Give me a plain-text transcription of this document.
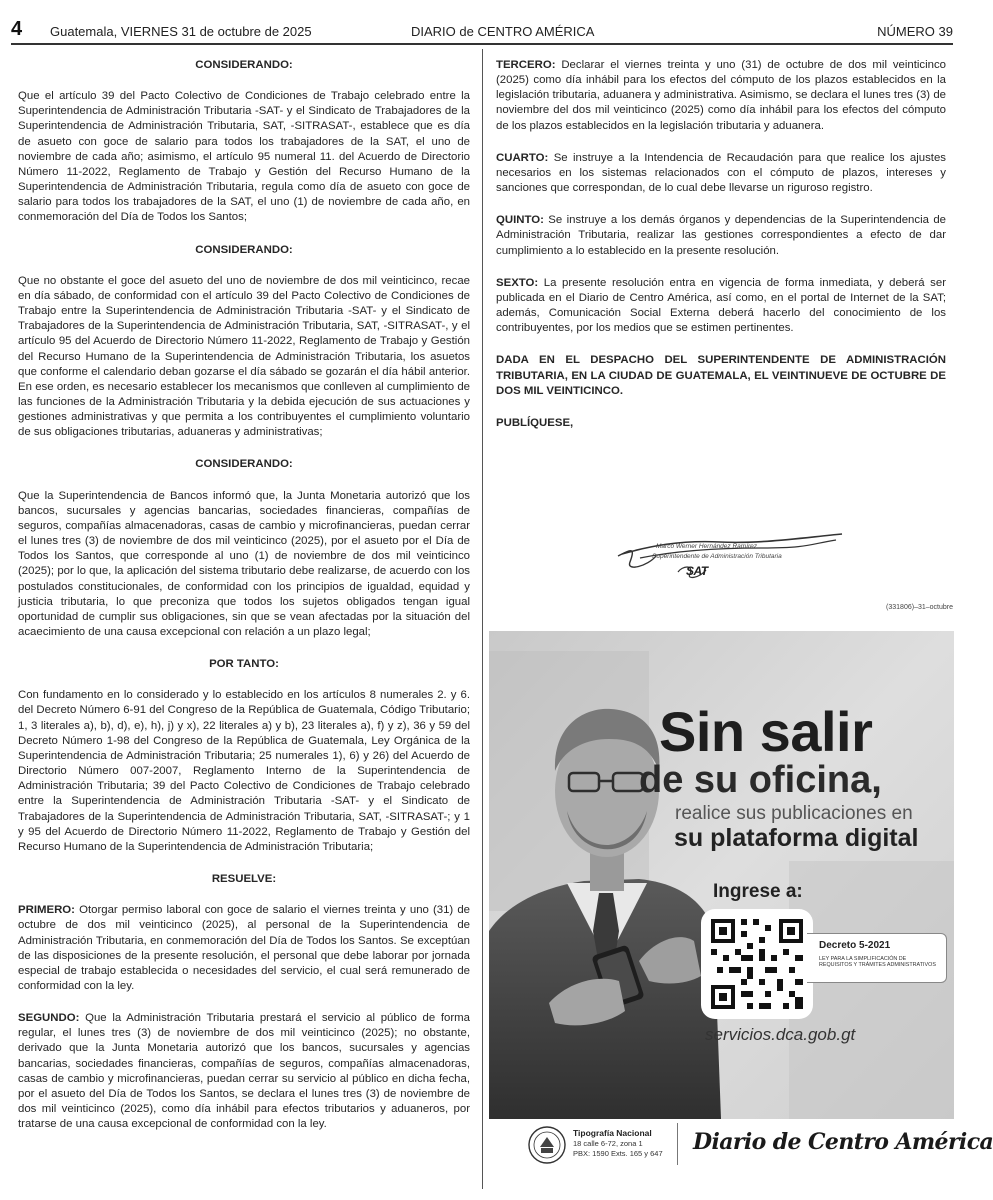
4 Guatemala, VIERNES 31 de octubre de 2025	DIARIO de CENTRO AMÉRICA	NÚMERO 39
CONSIDERANDO:
Que el artículo 39 del Pacto Colectivo de Condiciones de Trabajo celebrado entre la Superintendencia de Administración Tributaria -SAT- y el Sindicato de Trabajadores de la Superintendencia de Administración Tributaria, SAT, -SITRASAT-, establece que es día de asueto con goce de salario para todos los trabajadores de la SAT, el uno de noviembre de cada año; asimismo, el artículo 95 numeral 11. del Acuerdo de Directorio Número 11-2022, Reglamento de Trabajo y Gestión del Recurso Humano de la Superintendencia de Administración Tributaria, regula como día de asueto con goce de salario para todos los trabajadores de la SAT, el uno (1) de noviembre de cada año, en conmemoración del Día de Todos los Santos;
CONSIDERANDO:
Que no obstante el goce del asueto del uno de noviembre de dos mil veinticinco, recae en día sábado, de conformidad con el artículo 39 del Pacto Colectivo de Condiciones de Trabajo entre la Superintendencia de Administración Tributaria -SAT- y el Sindicato de Trabajadores de la Superintendencia de Administración Tributaria, SAT, -SITRASAT-, y el artículo 95 del Acuerdo de Directorio Número 11-2022, Reglamento de Trabajo y Gestión del Recurso Humano de la Superintendencia de Administración Tributaria, los asuetos que conforme el calendario deban gozarse el día sábado se gozarán el día hábil anterior. En ese orden, es necesario establecer los mecanismos que conlleven al cumplimiento de las funciones de la Administración Tributaria y la debida ejecución de sus actuaciones y gestiones administrativas y que permita a los contribuyentes el cumplimiento voluntario de sus obligaciones tributarias, aduaneras y administrativas;
CONSIDERANDO:
Que la Superintendencia de Bancos informó que, la Junta Monetaria autorizó que los bancos, sucursales y agencias bancarias, sociedades financieras, compañías de seguros, compañías almacenadoras, casas de cambio y microfinancieras, puedan cerrar el lunes tres (3) de noviembre de dos mil veinticinco (2025), por el asueto por el Día de Todos los Santos, que corresponde al uno (1) de noviembre de dos mil veinticinco (2025); por lo que, la aplicación del sistema tributario debe realizarse, de acuerdo con los postulados constitucionales, de conformidad con los principios de igualdad, equidad y justicia tributaria, lo que preconiza que todos los sujetos obligados tengan igual oportunidad de cumplir sus obligaciones, sin que se vean afectadas por la situación del acaecimiento de una causa excepcional con relación a un plazo legal;
POR TANTO:
Con fundamento en lo considerado y lo establecido en los artículos 8 numerales 2. y 6. del Decreto Número 6-91 del Congreso de la República de Guatemala, Código Tributario; 1, 3 literales a), b), d), e), h), j) y x), 22 literales a) y b), 23 literales a), f) y z), 36 y 59 del Decreto Número 1-98 del Congreso de la República de Guatemala, Ley Orgánica de la Superintendencia de Administración Tributaria; 25 numerales 1), 6) y 26) del Acuerdo de Directorio Número 007-2007, Reglamento Interno de la Superintendencia de Administración Tributaria; 39 del Pacto Colectivo de Condiciones de Trabajo celebrado entre la Superintendencia de Administración Tributaria -SAT- y el Sindicato de Trabajadores de la Superintendencia de Administración Tributaria, SAT, -SITRASAT-; y 1 y 95 del Acuerdo de Directorio Número 11-2022, Reglamento de Trabajo y Gestión del Recurso Humano de la Superintendencia de Administración Tributaria;
RESUELVE:
PRIMERO: Otorgar permiso laboral con goce de salario el viernes treinta y uno (31) de octubre de dos mil veinticinco (2025), al personal de la Superintendencia de Administración Tributaria, en conmemoración del Día de Todos los Santos. Se exceptúan de las disposiciones de la presente resolución, el personal que debe laborar por jornada especial de trabajo establecida o necesidades del servicio, el cual será remunerado de conformidad con la ley.
SEGUNDO: Que la Administración Tributaria prestará el servicio al público de forma regular, el lunes tres (3) de noviembre de dos mil veinticinco (2025); no obstante, derivado que la Junta Monetaria autorizó que los bancos, sucursales y agencias bancarias, sociedades financieras, compañías de seguros, compañías almacenadoras, casas de cambio y microfinancieras, puedan cerrar su servicio al público en dicha fecha, por el asueto del Día de Todos los Santos, se declara el lunes tres (3) de noviembre de dos mil veinticinco (2025), como día inhábil para efectos tributarios y aduaneros, por tratarse de una causa excepcional de conformidad con la ley.
TERCERO: Declarar el viernes treinta y uno (31) de octubre de dos mil veinticinco (2025) como día inhábil para los efectos del cómputo de los plazos establecidos en la legislación tributaria, aduanera y administrativa. Asimismo, se declara el lunes tres (3) de noviembre del dos mil veinticinco (2025) como día inhábil para los efectos del cómputo de los plazos establecidos en la legislación tributaria y aduanera.
CUARTO: Se instruye a la Intendencia de Recaudación para que realice los ajustes necesarios en los sistemas relacionados con el cómputo de plazos, intereses y sanciones que correspondan, de lo cual debe llevarse un riguroso registro.
QUINTO: Se instruye a los demás órganos y dependencias de la Superintendencia de Administración Tributaria, realizar las gestiones correspondientes a efecto de dar cumplimiento a lo establecido en la presente resolución.
SEXTO: La presente resolución entra en vigencia de forma inmediata, y deberá ser publicada en el Diario de Centro América, así como, en el portal de Internet de la SAT; además, Comunicación Social Externa deberá hacerlo del conocimiento de los contribuyentes, por los medios que se estimen pertinentes.
DADA EN EL DESPACHO DEL SUPERINTENDENTE DE ADMINISTRACIÓN TRIBUTARIA, EN LA CIUDAD DE GUATEMALA, EL VEINTINUEVE DE OCTUBRE DE DOS MIL VEINTICINCO.
PUBLÍQUESE,
Marco Werner Hernández Ramírez
Superintendente de Administración Tributaria
SAT
(331806)–31–octubre
Sin salir
de su oficina,
realice sus publicaciones en
su plataforma digital
Ingrese a:
Decreto 5-2021
LEY PARA LA SIMPLIFICACIÓN DE REQUISITOS Y TRÁMITES ADMINISTRATIVOS
servicios.dca.gob.gt
Tipografía Nacional
18 calle 6-72, zona 1
PBX: 1590 Exts. 165 y 647 Diario de Centro América
